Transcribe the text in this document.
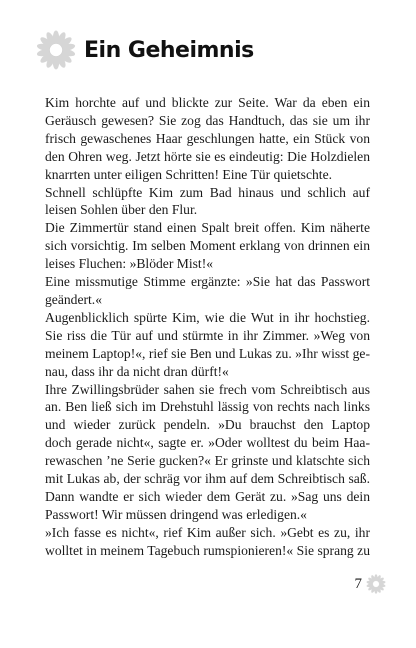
Ein Geheimnis
Kim horchte auf und blickte zur Seite. War da eben ein
Geräusch gewesen? Sie zog das Handtuch, das sie um ihr
frisch gewaschenes Haar geschlungen hatte, ein Stück von
den Ohren weg. Jetzt hörte sie es eindeutig: Die Holzdielen
knarrten unter eiligen Schritten! Eine Tür quietschte.
Schnell schlüpfte Kim zum Bad hinaus und schlich auf
leisen Sohlen über den Flur.
Die Zimmertür stand einen Spalt breit offen. Kim näherte
sich vorsichtig. Im selben Moment erklang von drinnen ein
leises Fluchen: »Blöder Mist!«
Eine missmutige Stimme ergänzte: »Sie hat das Passwort
geändert.«
Augenblicklich spürte Kim, wie die Wut in ihr hochstieg.
Sie riss die Tür auf und stürmte in ihr Zimmer. »Weg von
meinem Laptop!«, rief sie Ben und Lukas zu. »Ihr wisst ge-
nau, dass ihr da nicht dran dürft!«
Ihre Zwillingsbrüder sahen sie frech vom Schreibtisch aus
an. Ben ließ sich im Drehstuhl lässig von rechts nach links
und wieder zurück pendeln. »Du brauchst den Laptop
doch gerade nicht«, sagte er. »Oder wolltest du beim Haa-
rewaschen ’ne Serie gucken?« Er grinste und klatschte sich
mit Lukas ab, der schräg vor ihm auf dem Schreibtisch saß.
Dann wandte er sich wieder dem Gerät zu. »Sag uns dein
Passwort! Wir müssen dringend was erledigen.«
»Ich fasse es nicht«, rief Kim außer sich. »Gebt es zu, ihr
wolltet in meinem Tagebuch rumspionieren!« Sie sprang zu
7
